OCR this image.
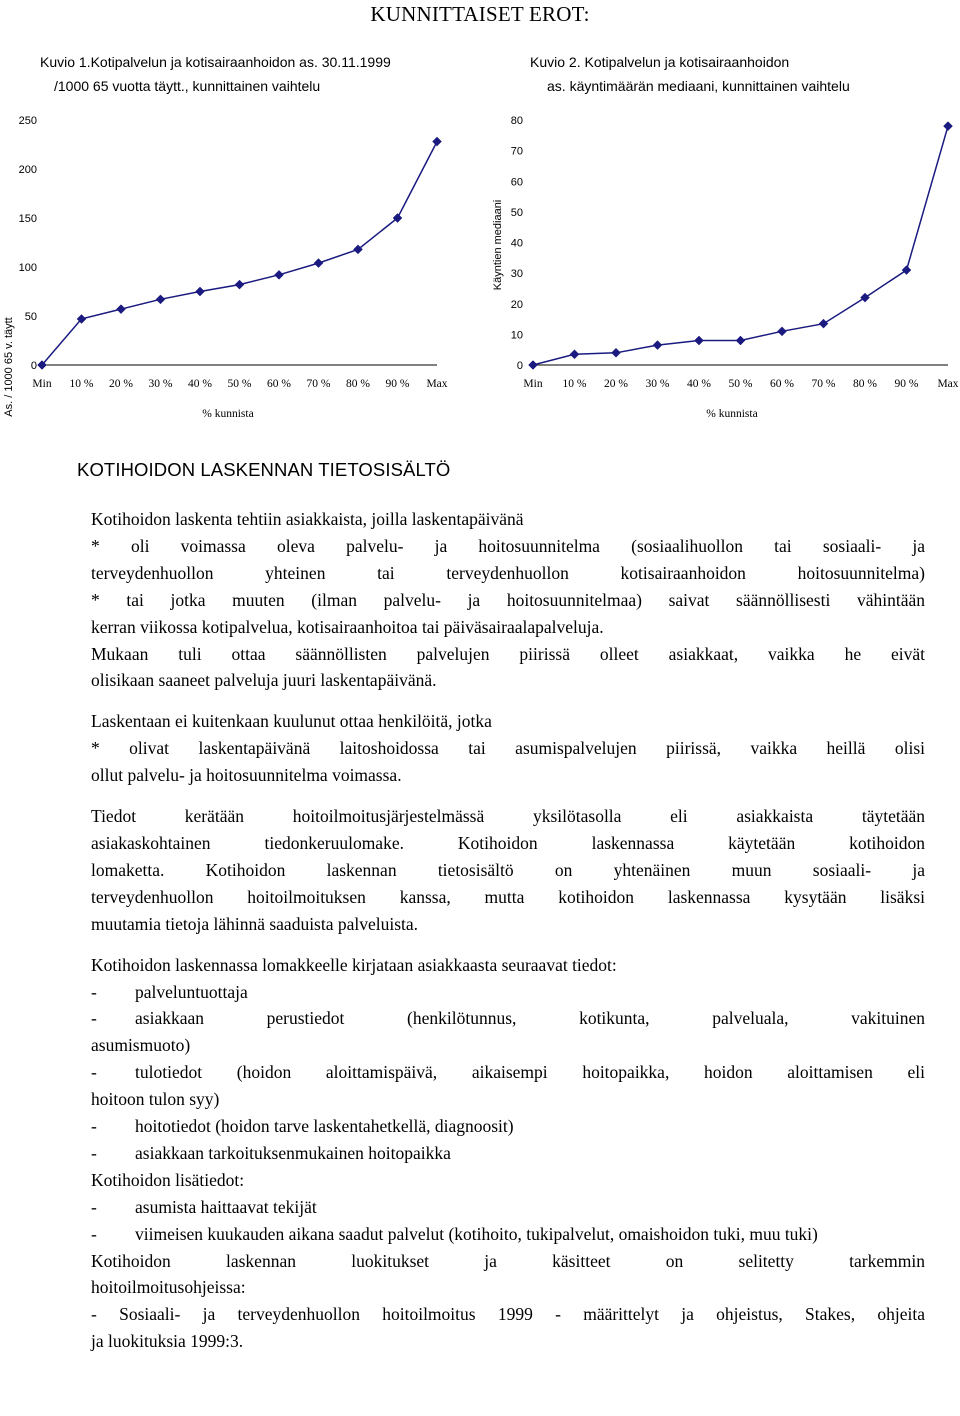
KUNNITTAISET EROT:
Kuvio 1.Kotipalvelun ja kotisairaanhoidon as. 30.11.1999
/1000 65 vuotta täytt., kunnittainen vaihtelu
Kuvio 2. Kotipalvelun ja kotisairaanhoidon
as. käyntimäärän mediaani, kunnittainen vaihtelu
As. / 1000 65 v. täytt 0
50
100
150
200
250
Min 10 % 20 % 30 % 40 % 50 % 60 % 70 % 80 % 90 % Max
% kunnista
Käyntien mediaani
0
10
20
30
40
50
60
70
80
Min 10 % 20 % 30 % 40 % 50 % 60 % 70 % 80 % 90 % Max
% kunnista
KOTIHOIDON LASKENNAN TIETOSISÄLTÖ

Kotihoidon laskenta tehtiin asiakkaista, joilla laskentapäivänä

* oli voimassa oleva palvelu- ja hoitosuunnitelma (sosiaalihuollon tai sosiaali- ja

terveydenhuollon yhteinen tai terveydenhuollon kotisairaanhoidon hoitosuunnitelma)

* tai jotka muuten (ilman palvelu- ja hoitosuunnitelmaa) saivat säännöllisesti vähintään

kerran viikossa kotipalvelua, kotisairaanhoitoa tai päiväsairaalapalveluja.

Mukaan tuli ottaa säännöllisten palvelujen piirissä olleet asiakkaat, vaikka he eivät

olisikaan saaneet palveluja juuri laskentapäivänä.

Laskentaan ei kuitenkaan kuulunut ottaa henkilöitä, jotka

* olivat laskentapäivänä laitoshoidossa tai asumispalvelujen piirissä, vaikka heillä olisi

ollut palvelu- ja hoitosuunnitelma voimassa.

Tiedot kerätään hoitoilmoitusjärjestelmässä yksilötasolla eli asiakkaista täytetään

asiakaskohtainen tiedonkeruulomake. Kotihoidon laskennassa käytetään kotihoidon

lomaketta. Kotihoidon laskennan tietosisältö on yhtenäinen muun sosiaali- ja

terveydenhuollon hoitoilmoituksen kanssa, mutta kotihoidon laskennassa kysytään lisäksi

muutamia tietoja lähinnä saaduista palveluista.

Kotihoidon laskennassa lomakkeelle kirjataan asiakkaasta seuraavat tiedot:

-	palveluntuottaja
-	asiakkaan perustiedot (henkilötunnus, kotikunta, palveluala, vakituinen

asumismuoto)

-	tulotiedot (hoidon aloittamispäivä, aikaisempi hoitopaikka, hoidon aloittamisen eli

hoitoon tulon syy)

-	hoitotiedot (hoidon tarve laskentahetkellä, diagnoosit)
-	asiakkaan tarkoituksenmukainen hoitopaikka

Kotihoidon lisätiedot:

-	asumista haittaavat tekijät
-	viimeisen kuukauden aikana saadut palvelut (kotihoito, tukipalvelut, omaishoidon tuki, muu tuki)

Kotihoidon laskennan luokitukset ja käsitteet on selitetty tarkemmin

hoitoilmoitusohjeissa:

- Sosiaali- ja terveydenhuollon hoitoilmoitus 1999 - määrittelyt ja ohjeistus, Stakes, ohjeita

ja luokituksia 1999:3.
